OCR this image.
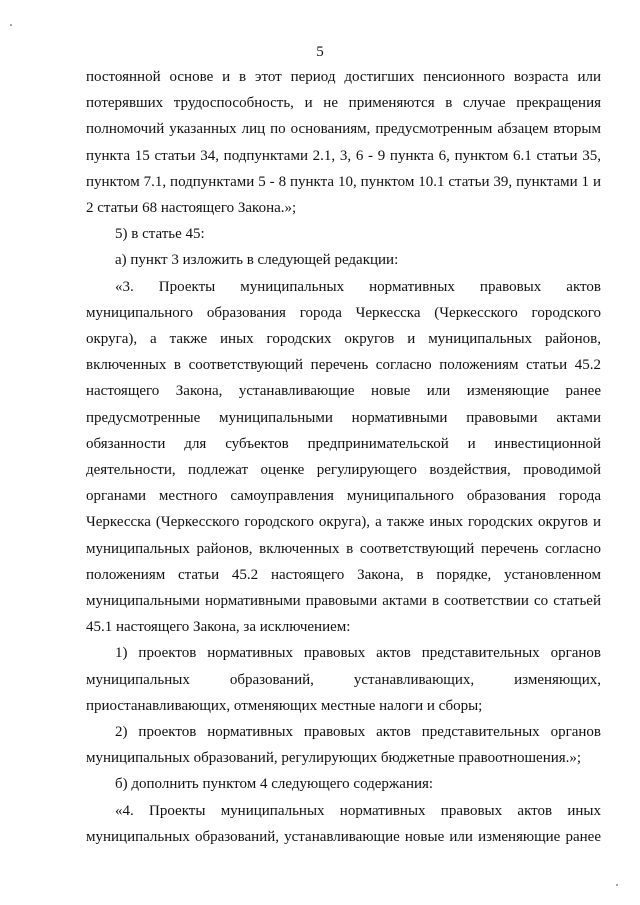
5

постоянной основе и в этот период достигших пенсионного возраста или потерявших трудоспособность, и не применяются в случае прекращения полномочий указанных лиц по основаниям, предусмотренным абзацем вторым пункта 15 статьи 34, подпунктами 2.1, 3, 6 - 9 пункта 6, пунктом 6.1 статьи 35, пунктом 7.1, подпунктами 5 - 8 пункта 10, пунктом 10.1 статьи 39, пунктами 1 и 2 статьи 68 настоящего Закона.»;

5) в статье 45:

а) пункт 3 изложить в следующей редакции:

«3. Проекты муниципальных нормативных правовых актов муниципального образования города Черкесска (Черкесского городского округа), а также иных городских округов и муниципальных районов, включенных в соответствующий перечень согласно положениям статьи 45.2 настоящего Закона, устанавливающие новые или изменяющие ранее предусмотренные муниципальными нормативными правовыми актами обязанности для субъектов предпринимательской и инвестиционной деятельности, подлежат оценке регулирующего воздействия, проводимой органами местного самоуправления муниципального образования города Черкесска (Черкесского городского округа), а также иных городских округов и муниципальных районов, включенных в соответствующий перечень согласно положениям статьи 45.2 настоящего Закона, в порядке, установленном муниципальными нормативными правовыми актами в соответствии со статьей 45.1 настоящего Закона, за исключением:

1) проектов нормативных правовых актов представительных органов муниципальных образований, устанавливающих, изменяющих, приостанавливающих, отменяющих местные налоги и сборы;

2) проектов нормативных правовых актов представительных органов муниципальных образований, регулирующих бюджетные правоотношения.»;

б) дополнить пунктом 4 следующего содержания:

«4. Проекты муниципальных нормативных правовых актов иных муниципальных образований, устанавливающие новые или изменяющие ранее
